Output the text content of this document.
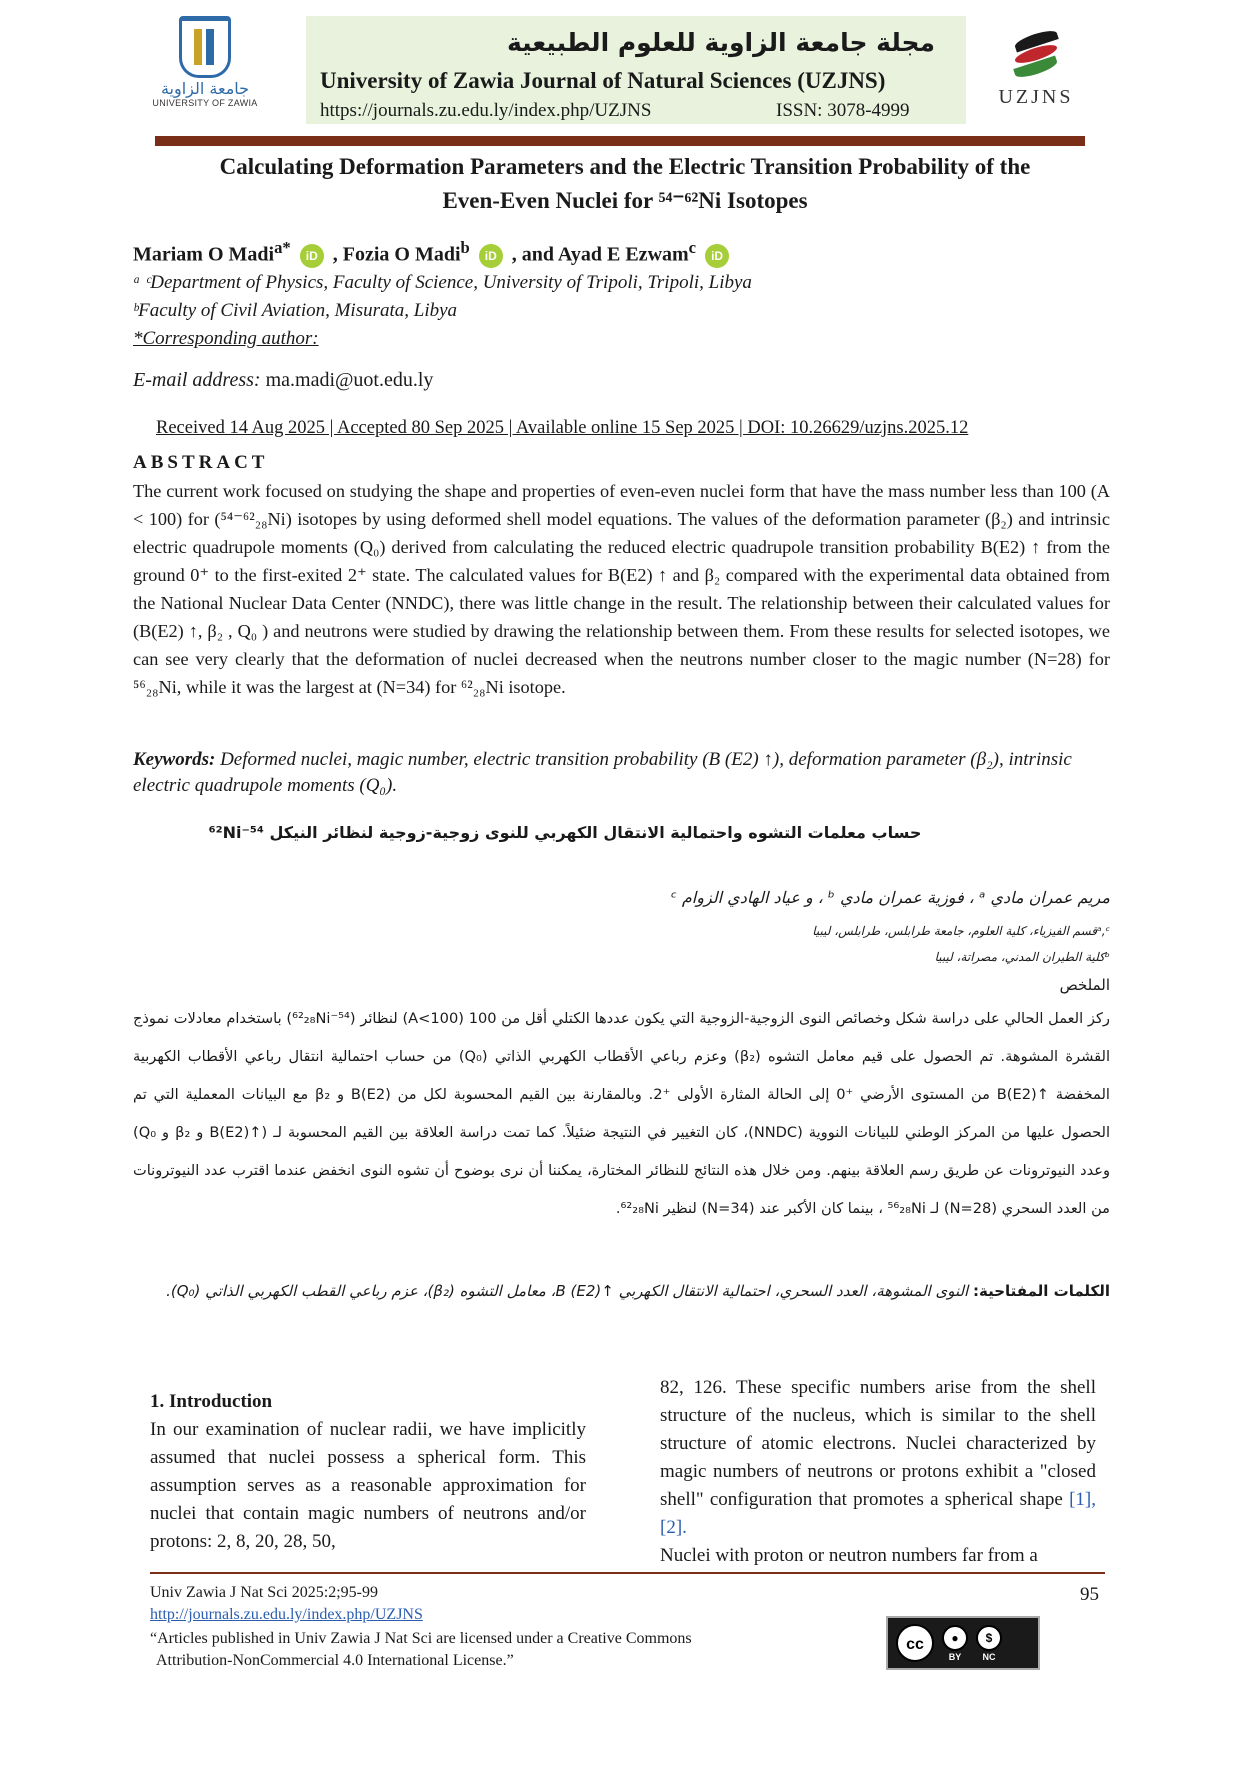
جامعة الزاوية
UNIVERSITY OF ZAWIA
مجلة جامعة الزاوية للعلوم الطبيعية
University of Zawia Journal of Natural Sciences (UZJNS)
https://journals.zu.edu.ly/index.php/UZJNS	ISSN: 3078-4999
UZJNS
Calculating Deformation Parameters and the Electric Transition Probability of the
Even-Even Nuclei for ⁵⁴⁻⁶²Ni Isotopes
Mariam O Madi$^{a*}$ iD , Fozia O Madi$^b$ iD , and Ayad E Ezwam$^c$ iD
ᵃ ᶜDepartment of Physics, Faculty of Science, University of Tripoli, Tripoli, Libya
ᵇFaculty of Civil Aviation, Misurata, Libya
*Corresponding author:
E-mail address: ma.madi@uot.edu.ly
Received 14 Aug 2025 | Accepted 80 Sep 2025 | Available online 15 Sep 2025 | DOI: 10.26629/uzjns.2025.12
ABSTRACT
The current work focused on studying the shape and properties of even-even nuclei form that have the mass number less than 100 (A < 100) for (⁵⁴⁻⁶²₂₈Ni) isotopes by using deformed shell model equations. The values of the deformation parameter (β₂) and intrinsic electric quadrupole moments (Q₀) derived from calculating the reduced electric quadrupole transition probability B(E2) ↑ from the ground 0⁺ to the first-exited 2⁺ state. The calculated values for B(E2) ↑ and β₂ compared with the experimental data obtained from the National Nuclear Data Center (NNDC), there was little change in the result. The relationship between their calculated values for (B(E2) ↑, β₂ , Q₀ ) and neutrons were studied by drawing the relationship between them. From these results for selected isotopes, we can see very clearly that the deformation of nuclei decreased when the neutrons number closer to the magic number (N=28) for ⁵⁶₂₈Ni, while it was the largest at (N=34) for ⁶²₂₈Ni isotope.
Keywords: Deformed nuclei, magic number, electric transition probability (B (E2) ↑), deformation parameter (β₂), intrinsic electric quadrupole moments (Q₀).
حساب معلمات التشوه واحتمالية الانتقال الكهربي للنوى زوجية-زوجية لنظائر النيكل ⁵⁴⁻⁶²Ni
مريم عمران مادي ᵃ ، فوزية عمران مادي ᵇ ، و عياد الهادي الزوام ᶜ
ᵃ,ᶜقسم الفيزياء، كلية العلوم، جامعة طرابلس، طرابلس، ليبيا
ᵇكلية الطيران المدني، مصراتة، ليبيا
الملخص
ركز العمل الحالي على دراسة شكل وخصائص النوى الزوجية-الزوجية التي يكون عددها الكتلي أقل من 100 (A<100) لنظائر (⁵⁴⁻⁶²₂₈Ni) باستخدام معادلات نموذج القشرة المشوهة. تم الحصول على قيم معامل التشوه (β₂) وعزم رباعي الأقطاب الكهربي الذاتي (Q₀) من حساب احتمالية انتقال رباعي الأقطاب الكهربية المخفضة ↑B(E2) من المستوى الأرضي ⁺0 إلى الحالة المثارة الأولى ⁺2. وبالمقارنة بين القيم المحسوبة لكل من B(E2) و β₂ مع البيانات المعملية التي تم الحصول عليها من المركز الوطني للبيانات النووية (NNDC)، كان التغيير في النتيجة ضئيلاً. كما تمت دراسة العلاقة بين القيم المحسوبة لـ (↑B(E2) و β₂ و Q₀) وعدد النيوترونات عن طريق رسم العلاقة بينهم. ومن خلال هذه النتائج للنظائر المختارة، يمكننا أن نرى بوضوح أن تشوه النوى انخفض عندما اقترب عدد النيوترونات من العدد السحري (N=28) لـ ⁵⁶₂₈Ni ، بينما كان الأكبر عند (N=34) لنظير ⁶²₂₈Ni.
الكلمات المفتاحية: النوى المشوهة، العدد السحري، احتمالية الانتقال الكهربي ↑B (E2)، معامل التشوه (β₂)، عزم رباعي القطب الكهربي الذاتي (Q₀).
1. Introduction
In our examination of nuclear radii, we have implicitly assumed that nuclei possess a spherical form. This assumption serves as a reasonable approximation for nuclei that contain magic numbers of neutrons and/or protons: 2, 8, 20, 28, 50,
82, 126. These specific numbers arise from the shell structure of the nucleus, which is similar to the shell structure of atomic electrons. Nuclei characterized by magic numbers of neutrons or protons exhibit a "closed shell" configuration that promotes a spherical shape [1], [2].
Nuclei with proton or neutron numbers far from a
Univ Zawia J Nat Sci 2025:2;95-99
http://journals.zu.edu.ly/index.php/UZJNS
“Articles published in Univ Zawia J Nat Sci are licensed under a Creative Commons
Attribution-NonCommercial 4.0 International License.”
95
cc	●
BY
$
NC
